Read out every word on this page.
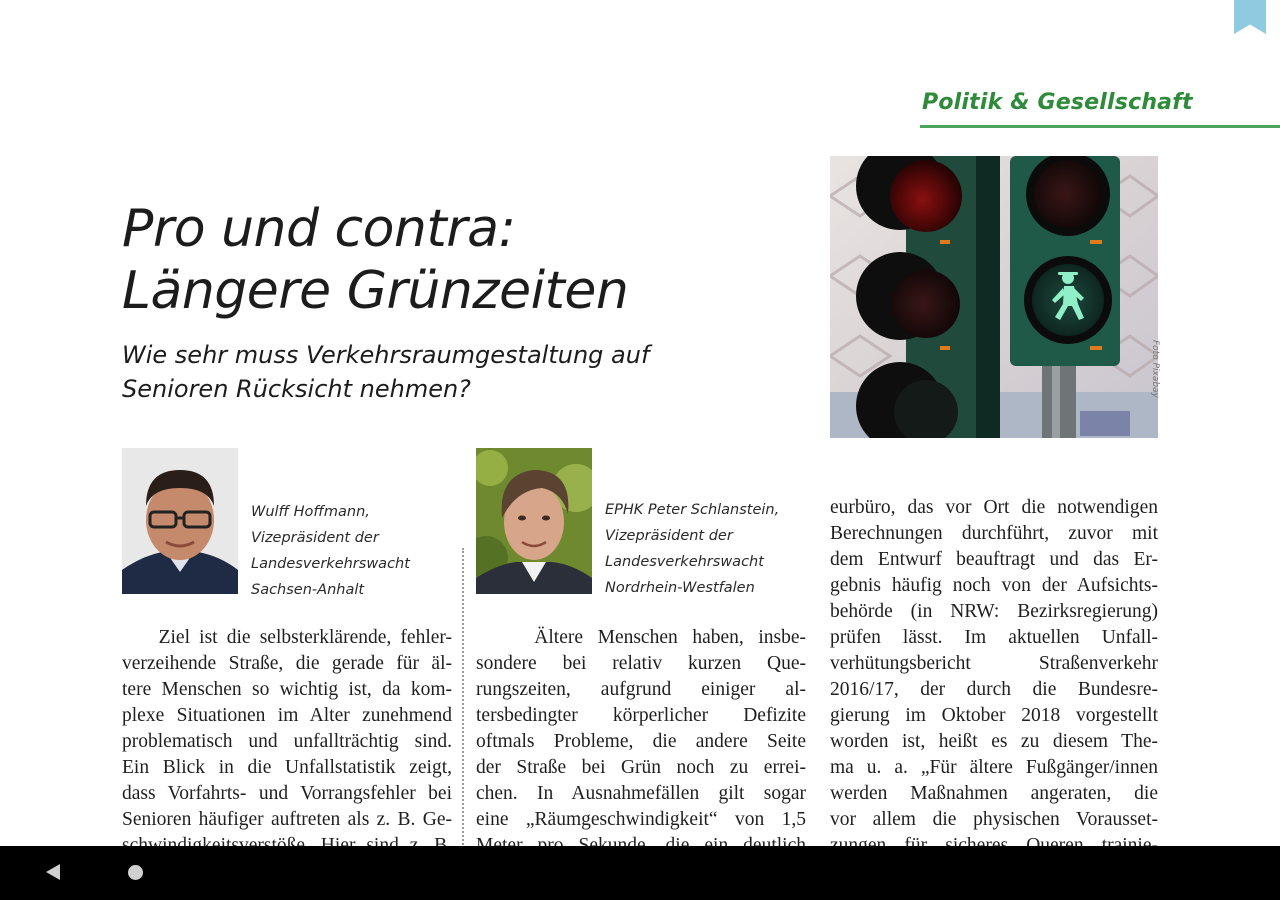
Politik & Gesellschaft
Pro und contra:
Längere Grünzeiten
Wie sehr muss Verkehrsraumgestaltung auf
Senioren Rücksicht nehmen?	Foto Pixabay
Wulff Hoffmann,
Vizepräsident der
Landesverkehrswacht
Sachsen-Anhalt
EPHK Peter Schlanstein,
Vizepräsident der
Landesverkehrswacht
Nordrhein-Westfalen
Ziel ist die selbsterklärende, fehler-
verzeihende Straße, die gerade für äl-
tere Menschen so wichtig ist, da kom-
plexe Situationen im Alter zunehmend
problematisch und unfallträchtig sind.
Ein Blick in die Unfallstatistik zeigt,
dass Vorfahrts- und Vorrangsfehler bei
Senioren häufiger auftreten als z. B. Ge-
Ältere Menschen haben, insbe-
sondere bei relativ kurzen Que-
rungszeiten, aufgrund einiger al-
tersbedingter körperlicher Defizite
oftmals Probleme, die andere Seite
der Straße bei Grün noch zu errei-
chen. In Ausnahmefällen gilt sogar
eine „Räumgeschwindigkeit“ von 1,5
eurbüro, das vor Ort die notwendigen
Berechnungen durchführt, zuvor mit
dem Entwurf beauftragt und das Er-
gebnis häufig noch von der Aufsichts-
behörde (in NRW: Bezirksregierung)
prüfen lässt. Im aktuellen Unfall-
verhütungsbericht Straßenverkehr
2016/17, der durch die Bundesre-
gierung im Oktober 2018 vorgestellt
worden ist, heißt es zu diesem The-
ma u. a. „Für ältere Fußgänger/innen
werden Maßnahmen angeraten, die
vor allem die physischen Vorausset-
